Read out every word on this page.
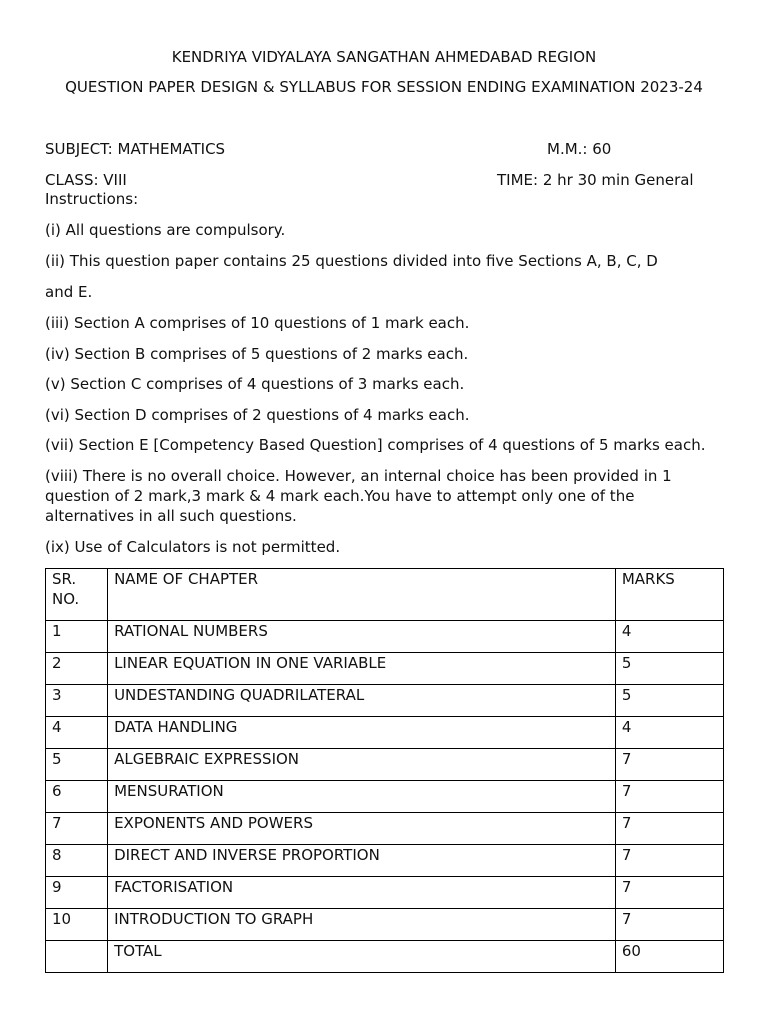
KENDRIYA VIDYALAYA SANGATHAN AHMEDABAD REGION
QUESTION PAPER DESIGN & SYLLABUS FOR SESSION ENDING EXAMINATION 2023-24
SUBJECT: MATHEMATICS	M.M.: 60
CLASS: VIII	TIME: 2 hr 30 min General
Instructions:
(i) All questions are compulsory.
(ii) This question paper contains 25 questions divided into five Sections A, B, C, D
and E.
(iii) Section A comprises of 10 questions of 1 mark each.
(iv) Section B comprises of 5 questions of 2 marks each.
(v) Section C comprises of 4 questions of 3 marks each.
(vi) Section D comprises of 2 questions of 4 marks each.
(vii) Section E [Competency Based Question] comprises of 4 questions of 5 marks each.
(viii) There is no overall choice. However, an internal choice has been provided in 1 question of 2 mark,3 mark & 4 mark each.You have to attempt only one of the alternatives in all such questions.
(ix) Use of Calculators is not permitted.
SR.
NO.	NAME OF CHAPTER	MARKS
1	RATIONAL NUMBERS	4
2	LINEAR EQUATION IN ONE VARIABLE	5
3	UNDESTANDING QUADRILATERAL	5
4	DATA HANDLING	4
5	ALGEBRAIC EXPRESSION	7
6	MENSURATION	7
7	EXPONENTS AND POWERS	7
8	DIRECT AND INVERSE PROPORTION	7
9	FACTORISATION	7
10	INTRODUCTION TO GRAPH	7
	TOTAL	60
